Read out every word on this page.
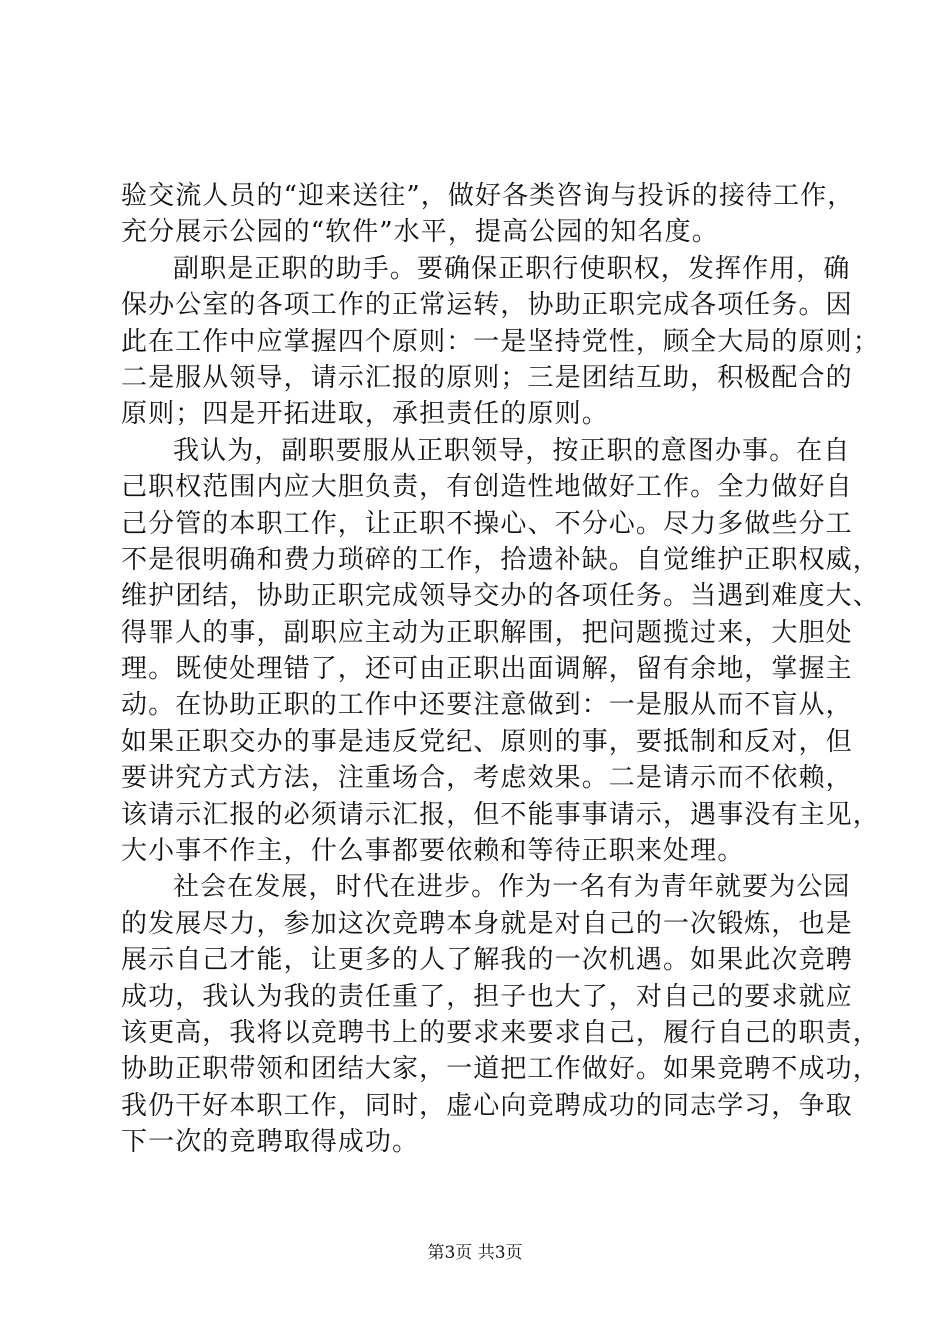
验交流人员的“迎来送往”，做好各类咨询与投诉的接待工作，
充分展示公园的“软件”水平，提高公园的知名度。
副职是正职的助手。要确保正职行使职权，发挥作用，确
保办公室的各项工作的正常运转，协助正职完成各项任务。因
此在工作中应掌握四个原则：一是坚持党性，顾全大局的原则；
二是服从领导，请示汇报的原则；三是团结互助，积极配合的
原则；四是开拓进取，承担责任的原则。
我认为，副职要服从正职领导，按正职的意图办事。在自
己职权范围内应大胆负责，有创造性地做好工作。全力做好自
己分管的本职工作，让正职不操心、不分心。尽力多做些分工
不是很明确和费力琐碎的工作，拾遗补缺。自觉维护正职权威，
维护团结，协助正职完成领导交办的各项任务。当遇到难度大、
得罪人的事，副职应主动为正职解围，把问题揽过来，大胆处
理。既使处理错了，还可由正职出面调解，留有余地，掌握主
动。在协助正职的工作中还要注意做到：一是服从而不盲从，
如果正职交办的事是违反党纪、原则的事，要抵制和反对，但
要讲究方式方法，注重场合，考虑效果。二是请示而不依赖，
该请示汇报的必须请示汇报，但不能事事请示，遇事没有主见，
大小事不作主，什么事都要依赖和等待正职来处理。
社会在发展，时代在进步。作为一名有为青年就要为公园
的发展尽力，参加这次竞聘本身就是对自己的一次锻炼，也是
展示自己才能，让更多的人了解我的一次机遇。如果此次竞聘
成功，我认为我的责任重了，担子也大了，对自己的要求就应
该更高，我将以竞聘书上的要求来要求自己，履行自己的职责，
协助正职带领和团结大家，一道把工作做好。如果竞聘不成功，
我仍干好本职工作，同时，虚心向竞聘成功的同志学习，争取
下一次的竞聘取得成功。
第3页 共3页
